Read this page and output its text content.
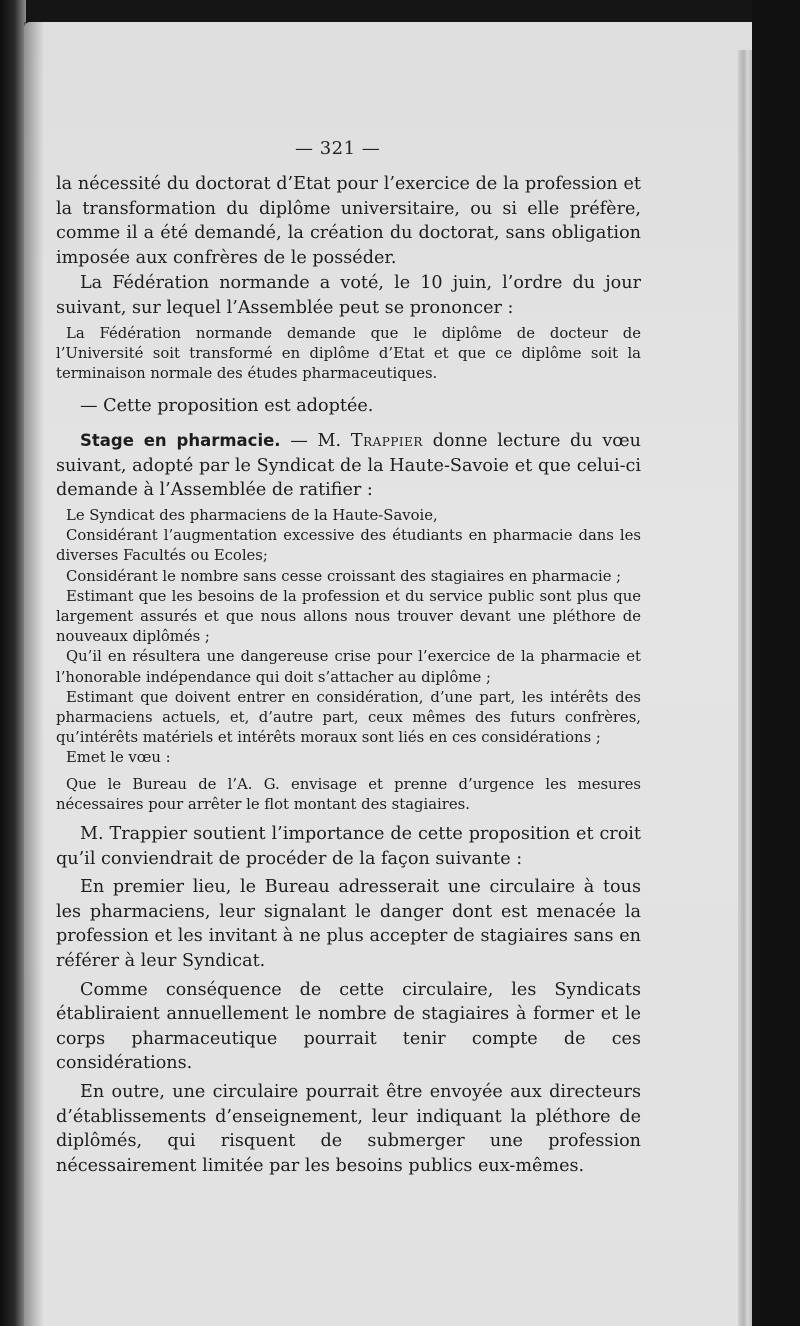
— 321 —

la nécessité du doctorat d’Etat pour l’exercice de la profession et la transformation du diplôme universitaire, ou si elle préfère, comme il a été demandé, la création du doctorat, sans obligation imposée aux confrères de le posséder.

La Fédération normande a voté, le 10 juin, l’ordre du jour suivant, sur lequel l’Assemblée peut se prononcer :

La Fédération normande demande que le diplôme de docteur de l’Université soit transformé en diplôme d’Etat et que ce diplôme soit la terminaison normale des études pharmaceutiques.

— Cette proposition est adoptée.

Stage en pharmacie. — M. Trappier donne lecture du vœu suivant, adopté par le Syndicat de la Haute-Savoie et que celui-ci demande à l’Assemblée de ratifier :

Le Syndicat des pharmaciens de la Haute-Savoie,

Considérant l’augmentation excessive des étudiants en pharmacie dans les diverses Facultés ou Ecoles;

Considérant le nombre sans cesse croissant des stagiaires en pharmacie ;

Estimant que les besoins de la profession et du service public sont plus que largement assurés et que nous allons nous trouver devant une pléthore de nouveaux diplômés ;

Qu’il en résultera une dangereuse crise pour l’exercice de la pharmacie et l’honorable indépendance qui doit s’attacher au diplôme ;

Estimant que doivent entrer en considération, d’une part, les intérêts des pharmaciens actuels, et, d’autre part, ceux mêmes des futurs confrères, qu’intérêts matériels et intérêts moraux sont liés en ces considérations ;

Emet le vœu :

Que le Bureau de l’A. G. envisage et prenne d’urgence les mesures nécessaires pour arrêter le flot montant des stagiaires.

M. Trappier soutient l’importance de cette proposition et croit qu’il conviendrait de procéder de la façon suivante :

En premier lieu, le Bureau adresserait une circulaire à tous les pharmaciens, leur signalant le danger dont est menacée la profession et les invitant à ne plus accepter de stagiaires sans en référer à leur Syndicat.

Comme conséquence de cette circulaire, les Syndicats établiraient annuellement le nombre de stagiaires à former et le corps pharmaceutique pourrait tenir compte de ces considérations.

En outre, une circulaire pourrait être envoyée aux directeurs d’établissements d’enseignement, leur indiquant la pléthore de diplômés, qui risquent de submerger une profession nécessairement limitée par les besoins publics eux-mêmes.
